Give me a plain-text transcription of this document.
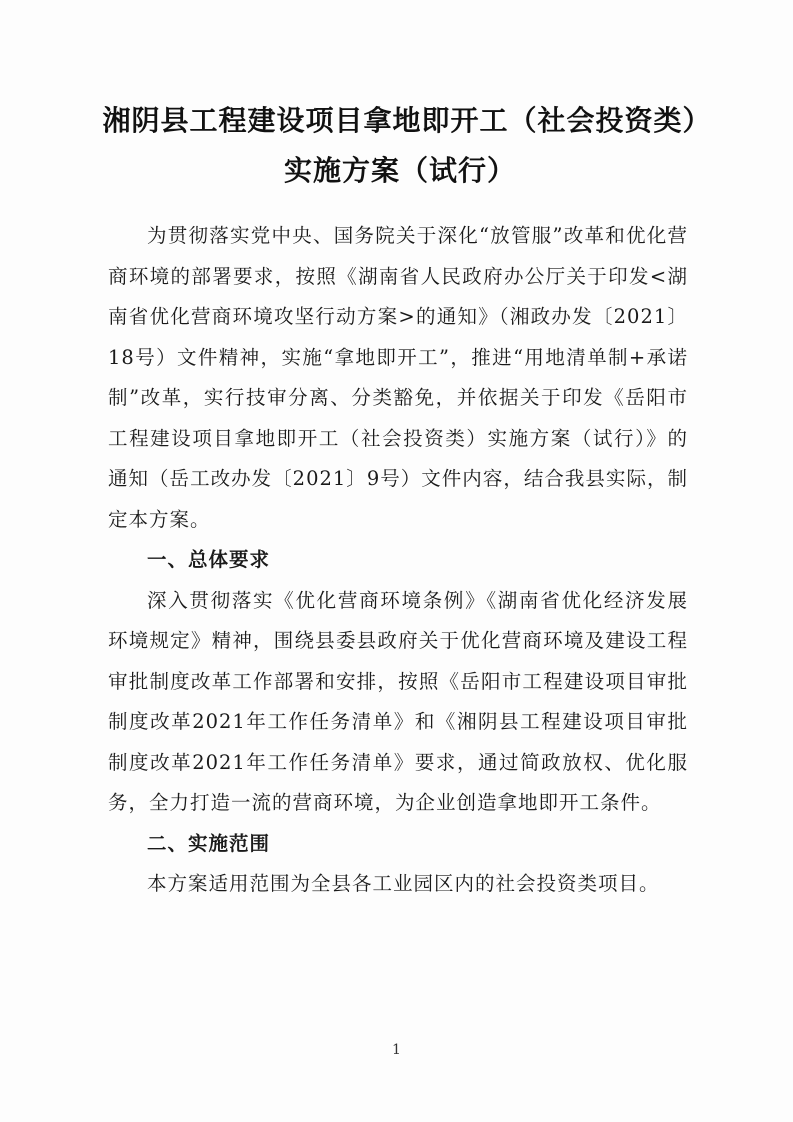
湘阴县工程建设项目拿地即开工（社会投资类）实施方案（试行）

为贯彻落实党中央、国务院关于深化“放管服”改革和优化营商环境的部署要求，按照《湖南省人民政府办公厅关于印发<湖南省优化营商环境攻坚行动方案>的通知》（湘政办发〔2021〕18号）文件精神，实施“拿地即开工”，推进“用地清单制+承诺制”改革，实行技审分离、分类豁免，并依据关于印发《岳阳市工程建设项目拿地即开工（社会投资类）实施方案（试行）》的通知（岳工改办发〔2021〕9号）文件内容，结合我县实际，制定本方案。

一、总体要求

深入贯彻落实《优化营商环境条例》《湖南省优化经济发展环境规定》精神，围绕县委县政府关于优化营商环境及建设工程审批制度改革工作部署和安排，按照《岳阳市工程建设项目审批制度改革2021年工作任务清单》和《湘阴县工程建设项目审批制度改革2021年工作任务清单》要求，通过简政放权、优化服务，全力打造一流的营商环境，为企业创造拿地即开工条件。

二、实施范围

本方案适用范围为全县各工业园区内的社会投资类项目。

1
